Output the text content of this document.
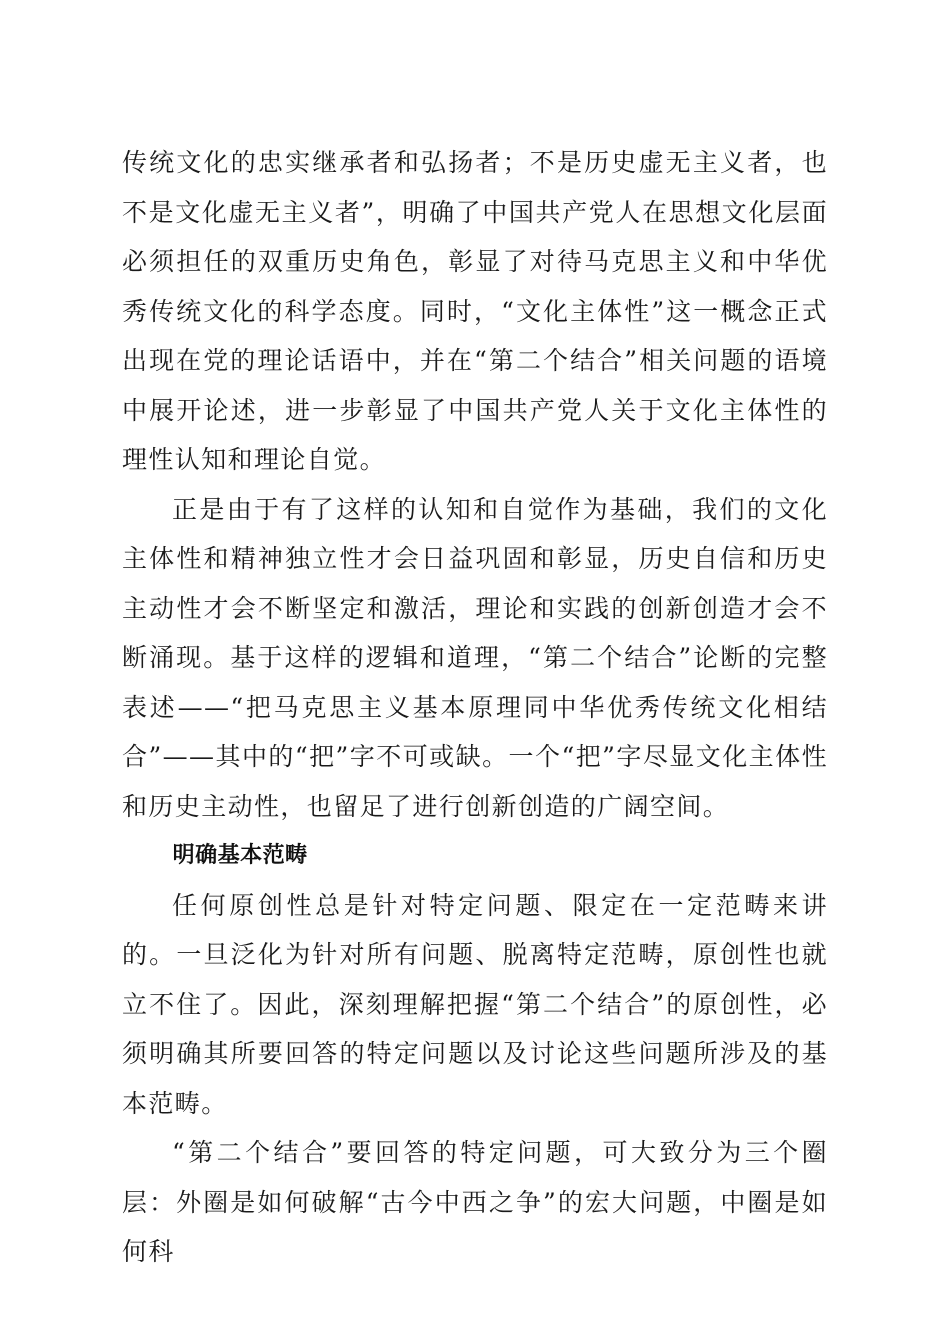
传统文化的忠实继承者和弘扬者；不是历史虚无主义者，也不是文化虚无主义者”，明确了中国共产党人在思想文化层面必须担任的双重历史角色，彰显了对待马克思主义和中华优秀传统文化的科学态度。同时，“文化主体性”这一概念正式出现在党的理论话语中，并在“第二个结合”相关问题的语境中展开论述，进一步彰显了中国共产党人关于文化主体性的理性认知和理论自觉。

正是由于有了这样的认知和自觉作为基础，我们的文化主体性和精神独立性才会日益巩固和彰显，历史自信和历史主动性才会不断坚定和激活，理论和实践的创新创造才会不断涌现。基于这样的逻辑和道理，“第二个结合”论断的完整表述——“把马克思主义基本原理同中华优秀传统文化相结合”——其中的“把”字不可或缺。一个“把”字尽显文化主体性和历史主动性，也留足了进行创新创造的广阔空间。

明确基本范畴

任何原创性总是针对特定问题、限定在一定范畴来讲的。一旦泛化为针对所有问题、脱离特定范畴，原创性也就立不住了。因此，深刻理解把握“第二个结合”的原创性，必须明确其所要回答的特定问题以及讨论这些问题所涉及的基本范畴。

“第二个结合”要回答的特定问题，可大致分为三个圈层：外圈是如何破解“古今中西之争”的宏大问题，中圈是如何科
